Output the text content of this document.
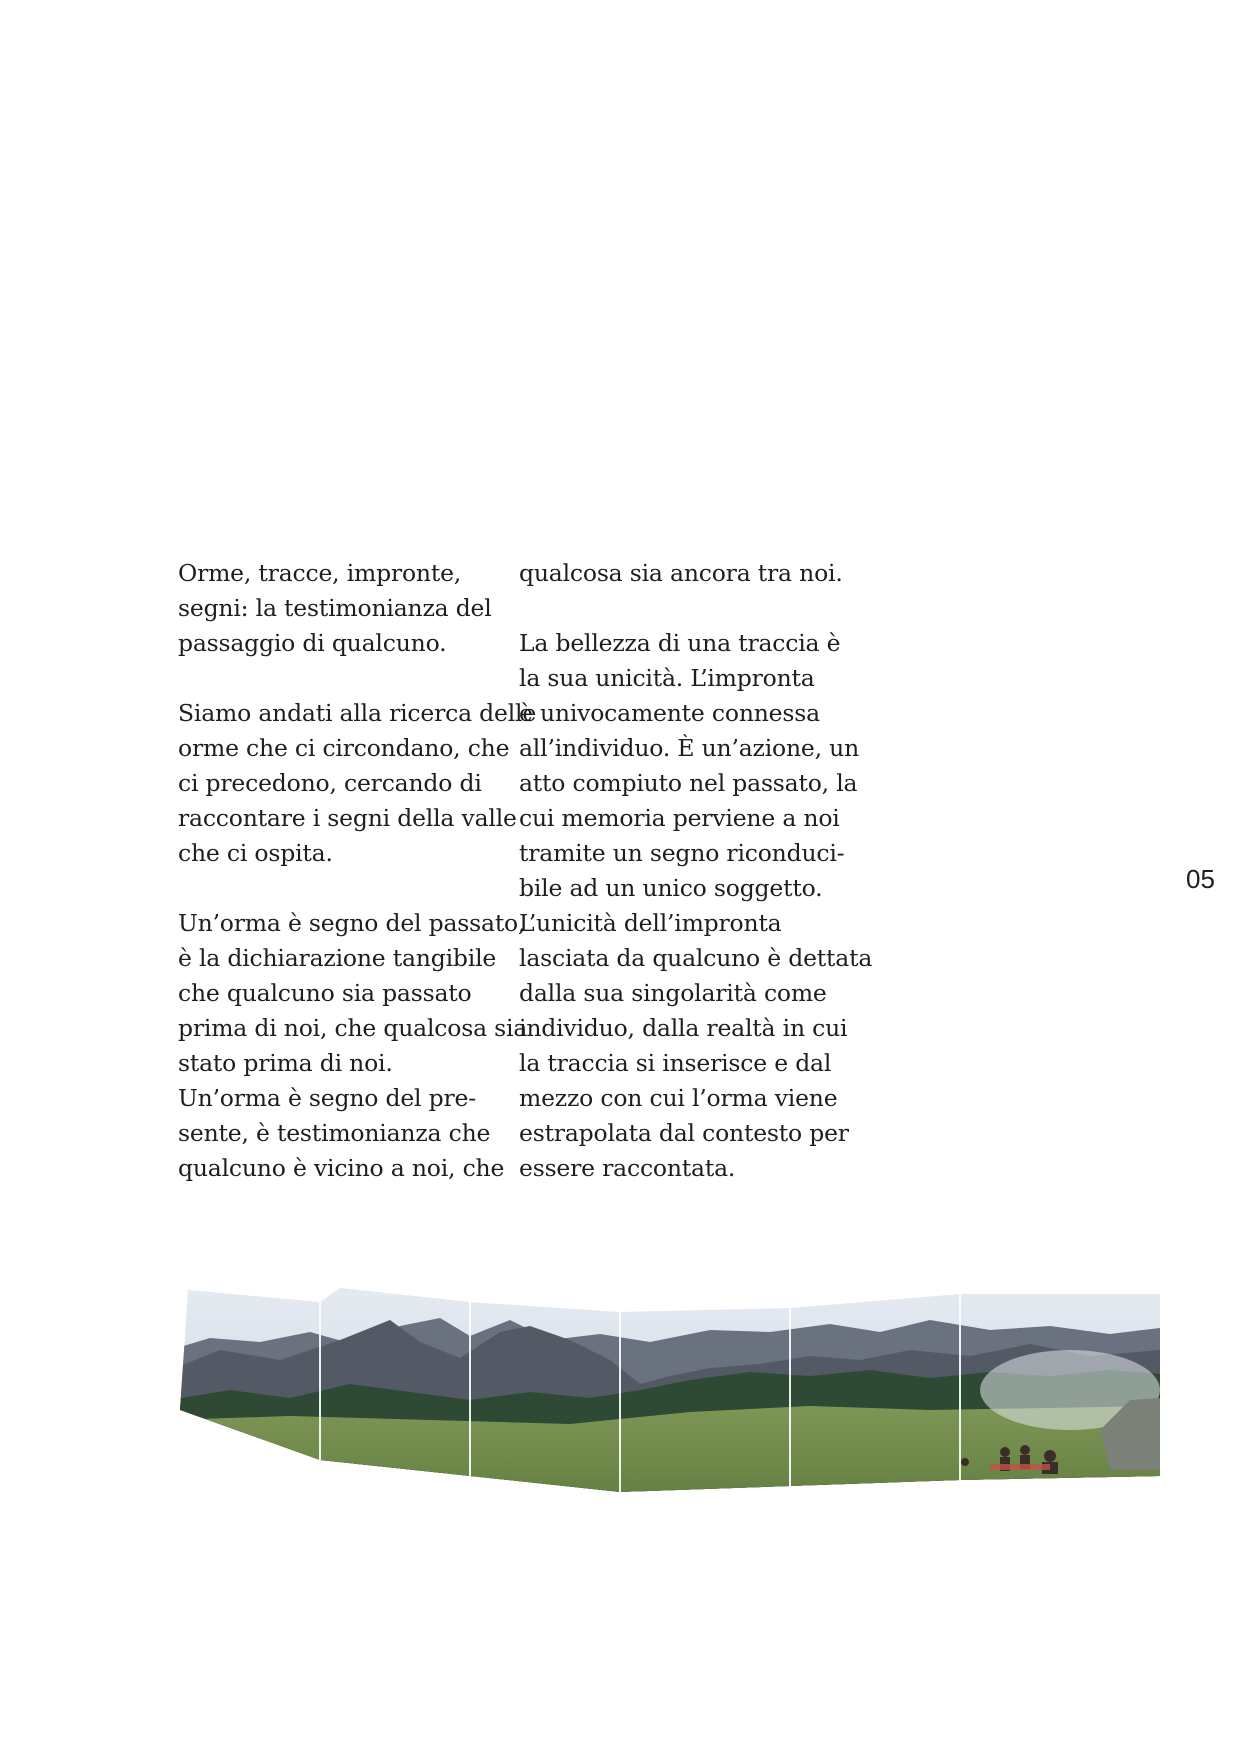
Orme, tracce, impronte,
segni: la testimonianza del
passaggio di qualcuno.
Siamo andati alla ricerca delle
orme che ci circondano, che
ci precedono, cercando di
raccontare i segni della valle
che ci ospita.
Un’orma è segno del passato,
è la dichiarazione tangibile
che qualcuno sia passato
prima di noi, che qualcosa sia
stato prima di noi.
Un’orma è segno del pre-
sente, è testimonianza che
qualcuno è vicino a noi, che
qualcosa sia ancora tra noi.
La bellezza di una traccia è
la sua unicità. L’impronta
è univocamente connessa
all’individuo. È un’azione, un
atto compiuto nel passato, la
cui memoria perviene a noi
tramite un segno riconduci-
bile ad un unico soggetto.
L’unicità dell’impronta
lasciata da qualcuno è dettata
dalla sua singolarità come
individuo, dalla realtà in cui
la traccia si inserisce e dal
mezzo con cui l’orma viene
estrapolata dal contesto per
essere raccontata.
05
